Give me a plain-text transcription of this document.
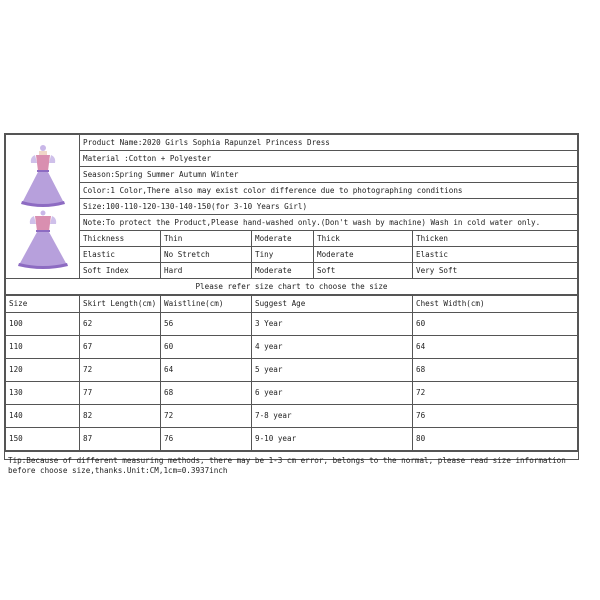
	Product Name:2020 Girls Sophia Rapunzel Princess Dress				
	Material :Cotton + Polyester				
	Season:Spring Summer Autumn Winter				
	Color:1 Color,There also may exist color difference due to photographing conditions				
	Size:100-110-120-130-140-150(for 3-10 Years Girl)				
	Note:To protect the Product,Please hand-washed only.(Don't wash by machine) Wash in cold water only.				
	Thickness	Thin	Moderate	Thick	Thicken
	Elastic	No Stretch	Tiny	Moderate	Elastic
	Soft Index	Hard	Moderate	Soft	Very Soft
Please refer size chart to choose the size					
Size	Skirt Length(cm)	Waistline(cm)	Suggest Age	Chest Width(cm)
100	62	56	3 Year	60
110	67	60	4 year	64
120	72	64	5 year	68
130	77	68	6 year	72
140	82	72	7-8 year	76
150	87	76	9-10 year	80
Tip:Because of different measuring methods, there may be 1-3 cm error, belongs to the normal, please read size information before choose size,thanks.Unit:CM,1cm=0.3937inch
